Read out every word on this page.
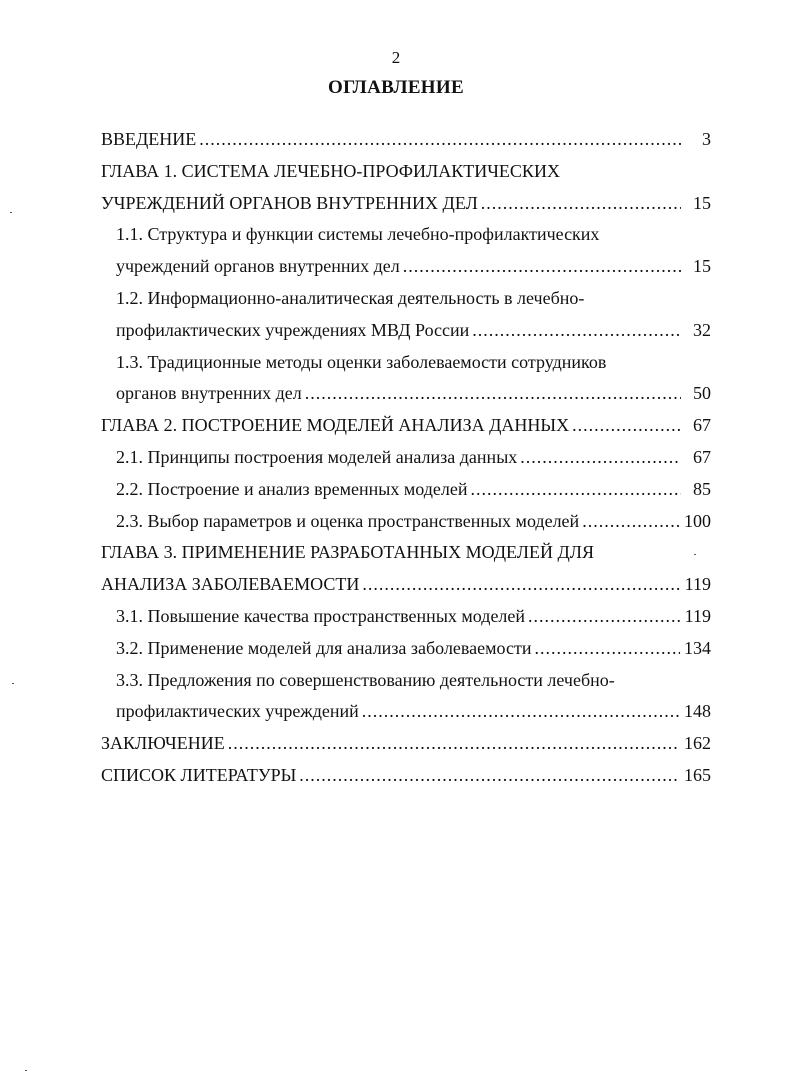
2
ОГЛАВЛЕНИЕ
ВВЕДЕНИЕ .....	3
ГЛАВА 1. СИСТЕМА ЛЕЧЕБНО-ПРОФИЛАКТИЧЕСКИХ
УЧРЕЖДЕНИЙ ОРГАНОВ ВНУТРЕННИХ ДЕЛ .....	15
1.1. Структура и функции системы лечебно-профилактических
учреждений органов внутренних дел .....	15
1.2. Информационно-аналитическая деятельность в лечебно-
профилактических учреждениях МВД России .....	32
1.3. Традиционные методы оценки заболеваемости сотрудников
органов внутренних дел .....	50
ГЛАВА 2. ПОСТРОЕНИЕ МОДЕЛЕЙ АНАЛИЗА ДАННЫХ .....	67
2.1. Принципы построения моделей анализа данных .....	67
2.2. Построение и анализ временных моделей .....	85
2.3. Выбор параметров и оценка пространственных моделей .....	100
ГЛАВА 3. ПРИМЕНЕНИЕ РАЗРАБОТАННЫХ МОДЕЛЕЙ ДЛЯ
АНАЛИЗА ЗАБОЛЕВАЕМОСТИ .....	119
3.1. Повышение качества пространственных моделей .....	119
3.2. Применение моделей для анализа заболеваемости .....	134
3.3. Предложения по совершенствованию деятельности лечебно-
профилактических учреждений .....	148
ЗАКЛЮЧЕНИЕ .....	162
СПИСОК ЛИТЕРАТУРЫ .....	165
